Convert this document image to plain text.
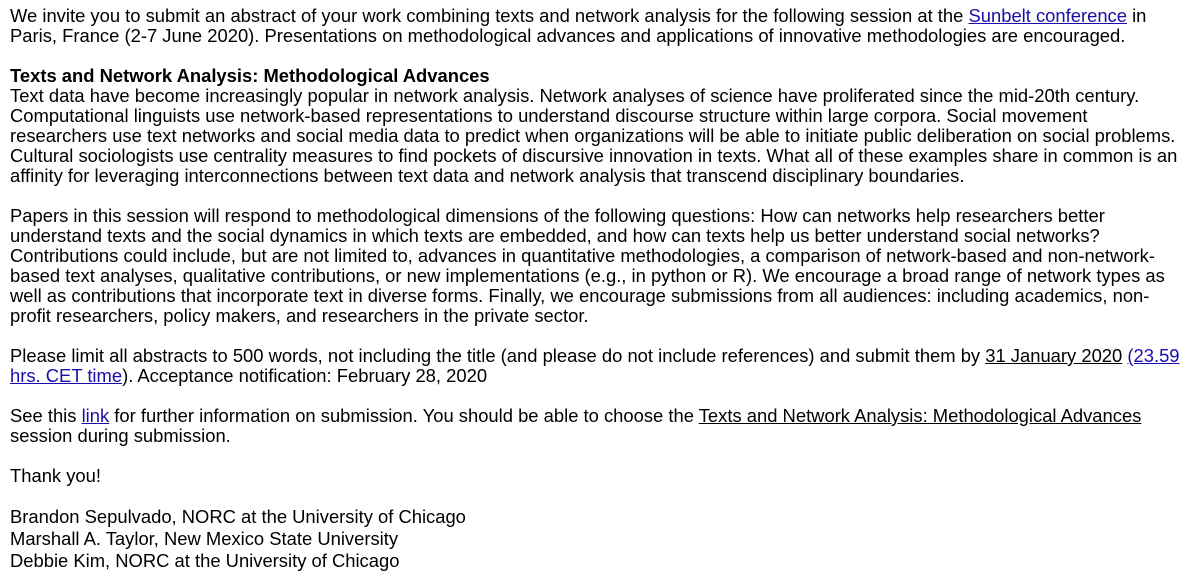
We invite you to submit an abstract of your work combining texts and network analysis for the following session at the Sunbelt conference in Paris, France (2-7 June 2020). Presentations on methodological advances and applications of innovative methodologies are encouraged.

Texts and Network Analysis: Methodological Advances

Text data have become increasingly popular in network analysis. Network analyses of science have proliferated since the mid-20th century. Computational linguists use network-based representations to understand discourse structure within large corpora. Social movement researchers use text networks and social media data to predict when organizations will be able to initiate public deliberation on social problems. Cultural sociologists use centrality measures to find pockets of discursive innovation in texts. What all of these examples share in common is an affinity for leveraging interconnections between text data and network analysis that transcend disciplinary boundaries.

Papers in this session will respond to methodological dimensions of the following questions: How can networks help researchers better understand texts and the social dynamics in which texts are embedded, and how can texts help us better understand social networks? Contributions could include, but are not limited to, advances in quantitative methodologies, a comparison of network-based and non-network-based text analyses, qualitative contributions, or new implementations (e.g., in python or R). We encourage a broad range of network types as well as contributions that incorporate text in diverse forms. Finally, we encourage submissions from all audiences: including academics, non-profit researchers, policy makers, and researchers in the private sector.

Please limit all abstracts to 500 words, not including the title (and please do not include references) and submit them by 31 January 2020 (23.59 hrs. CET time). Acceptance notification: February 28, 2020

See this link for further information on submission. You should be able to choose the Texts and Network Analysis: Methodological Advances session during submission.

Thank you!

Brandon Sepulvado, NORC at the University of Chicago

Marshall A. Taylor, New Mexico State University

Debbie Kim, NORC at the University of Chicago
